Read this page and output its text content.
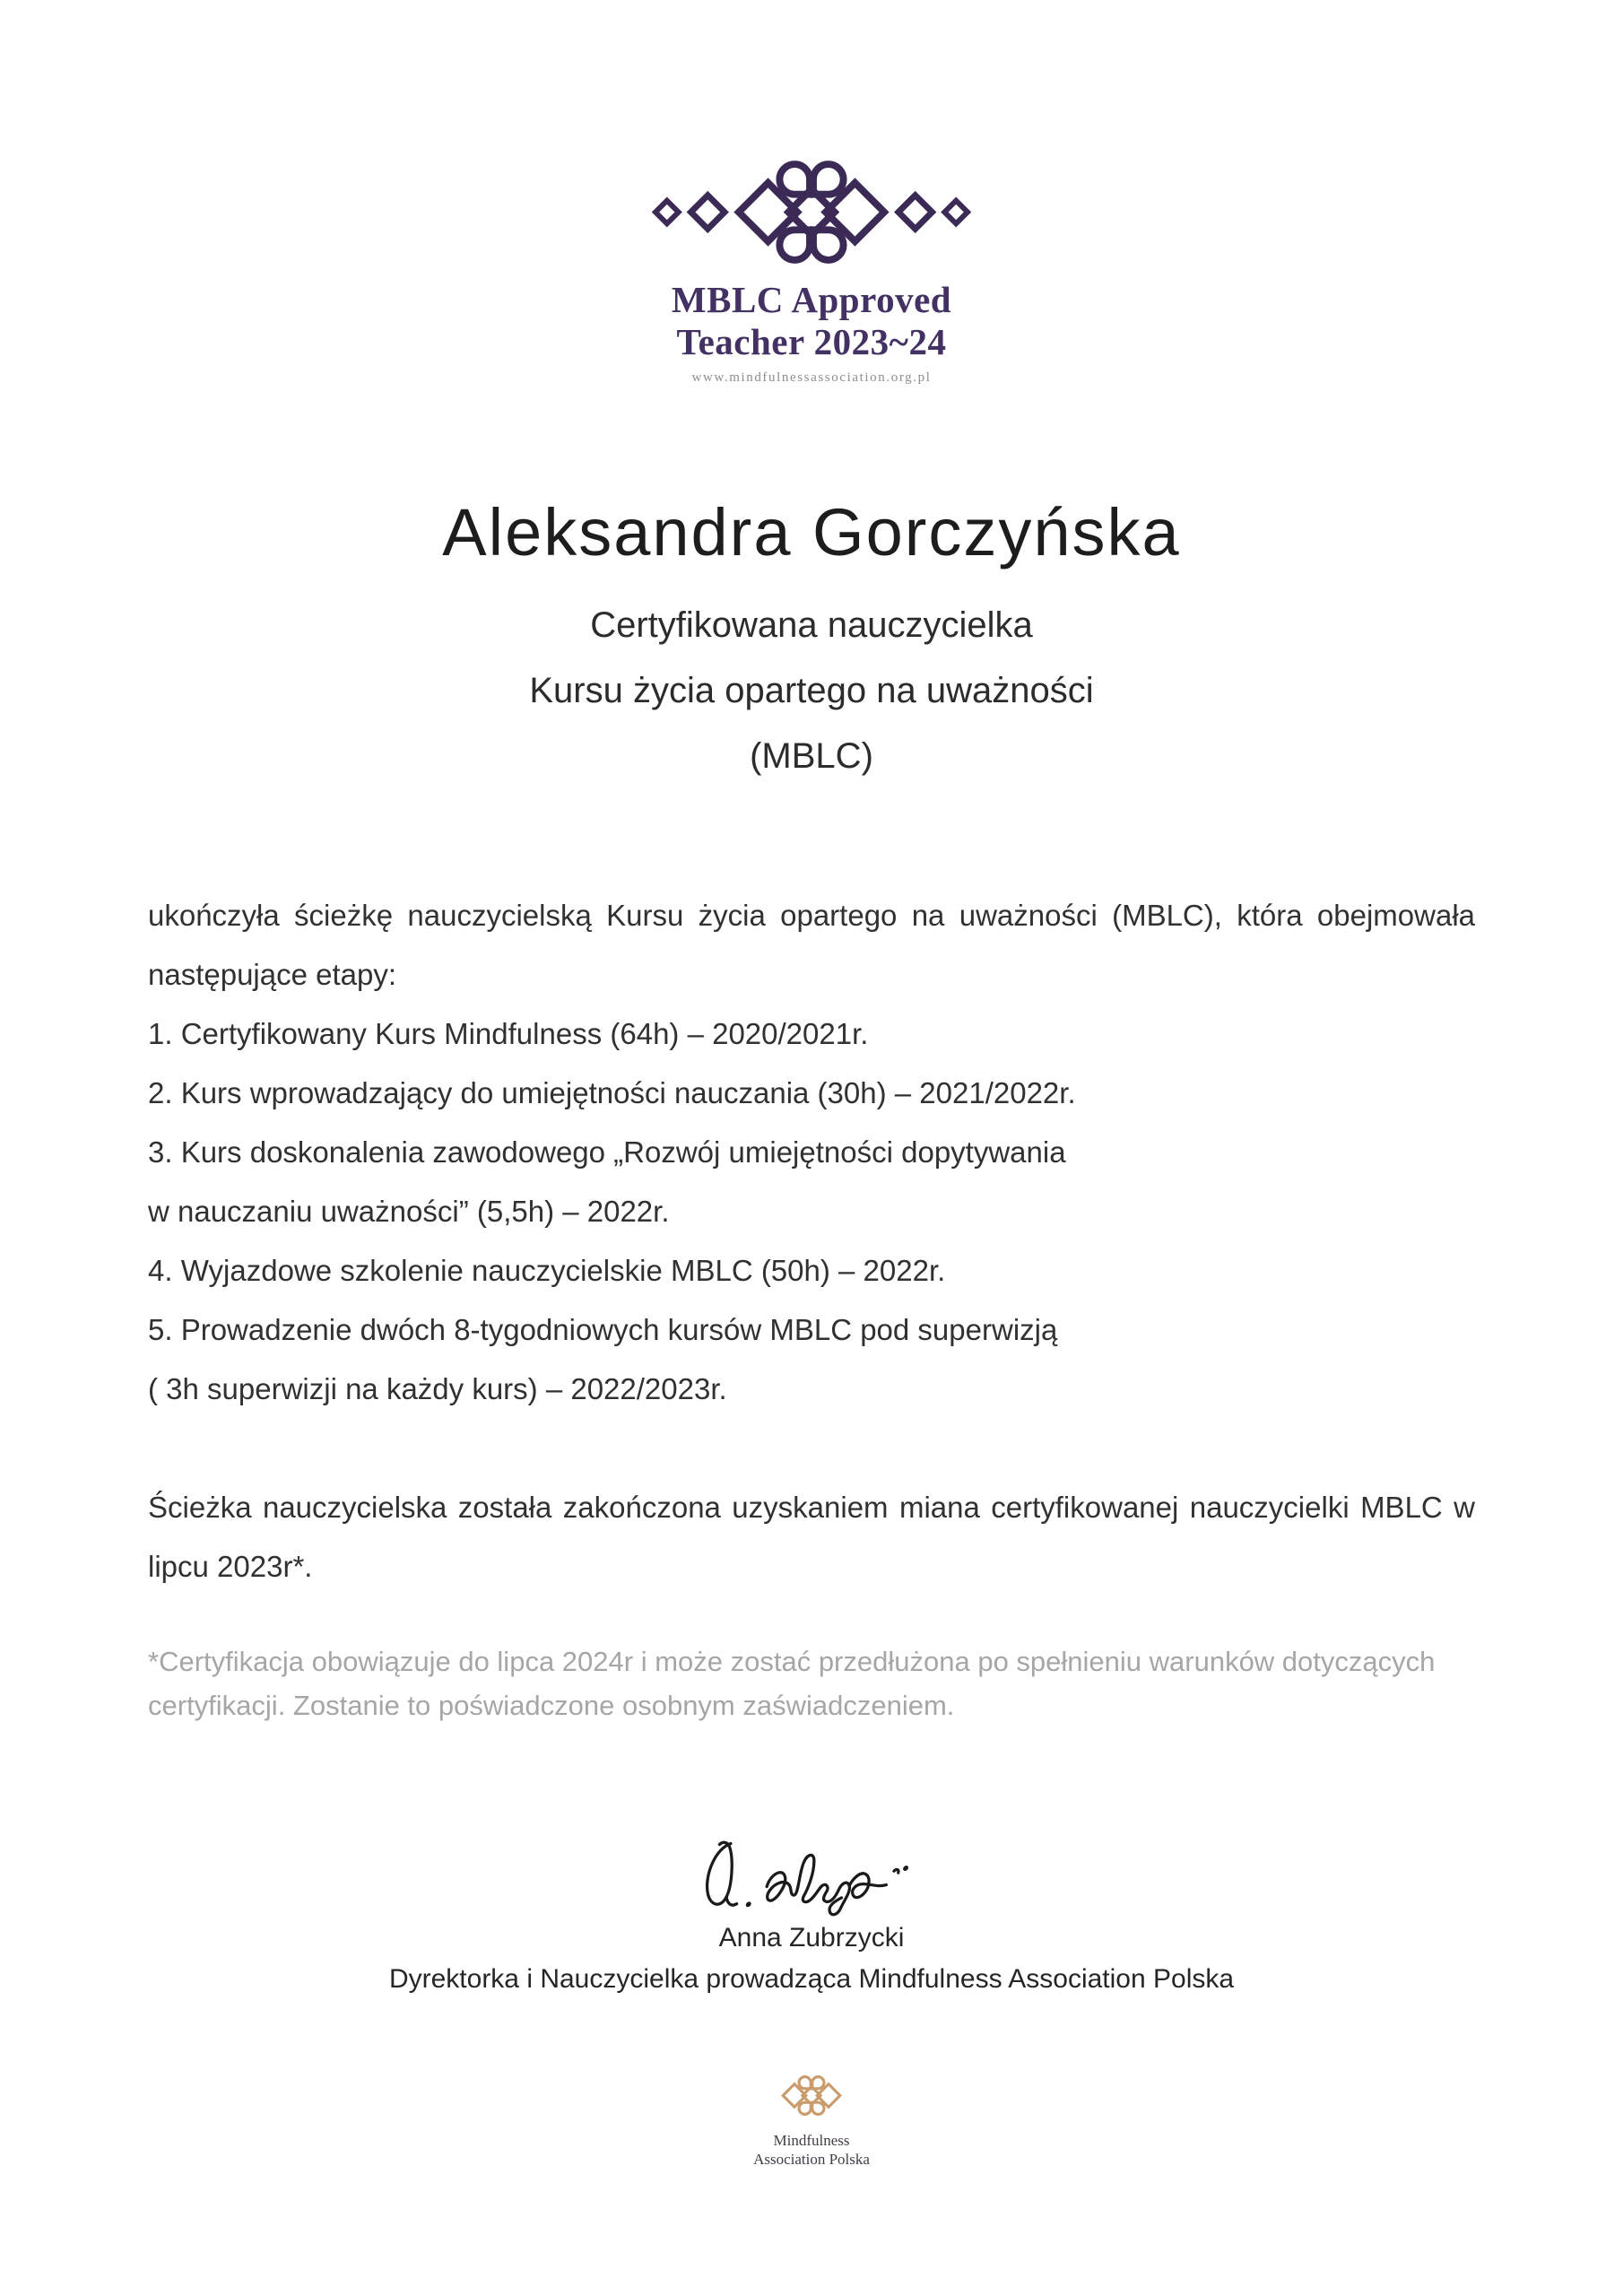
MBLC Approved
Teacher 2023~24
www.mindfulnessassociation.org.pl
Aleksandra Gorczyńska
Certyfikowana nauczycielka
Kursu życia opartego na uważności
(MBLC)
ukończyła ścieżkę nauczycielską Kursu życia opartego na uważności (MBLC), która obejmowała następujące etapy:
1. Certyfikowany Kurs Mindfulness (64h) – 2020/2021r.
2. Kurs wprowadzający do umiejętności nauczania (30h) – 2021/2022r.
3. Kurs doskonalenia zawodowego „Rozwój umiejętności dopytywania
w nauczaniu uważności” (5,5h) – 2022r.
4. Wyjazdowe szkolenie nauczycielskie MBLC (50h) – 2022r.
5. Prowadzenie dwóch 8-tygodniowych kursów MBLC pod superwizją
( 3h superwizji na każdy kurs) – 2022/2023r.
Ścieżka nauczycielska została zakończona uzyskaniem miana certyfikowanej nauczycielki MBLC w lipcu 2023r*.
*Certyfikacja obowiązuje do lipca 2024r i może zostać przedłużona po spełnieniu warunków dotyczących certyfikacji. Zostanie to poświadczone osobnym zaświadczeniem.
Anna Zubrzycki
Dyrektorka i Nauczycielka prowadząca Mindfulness Association Polska
Mindfulness
Association Polska
